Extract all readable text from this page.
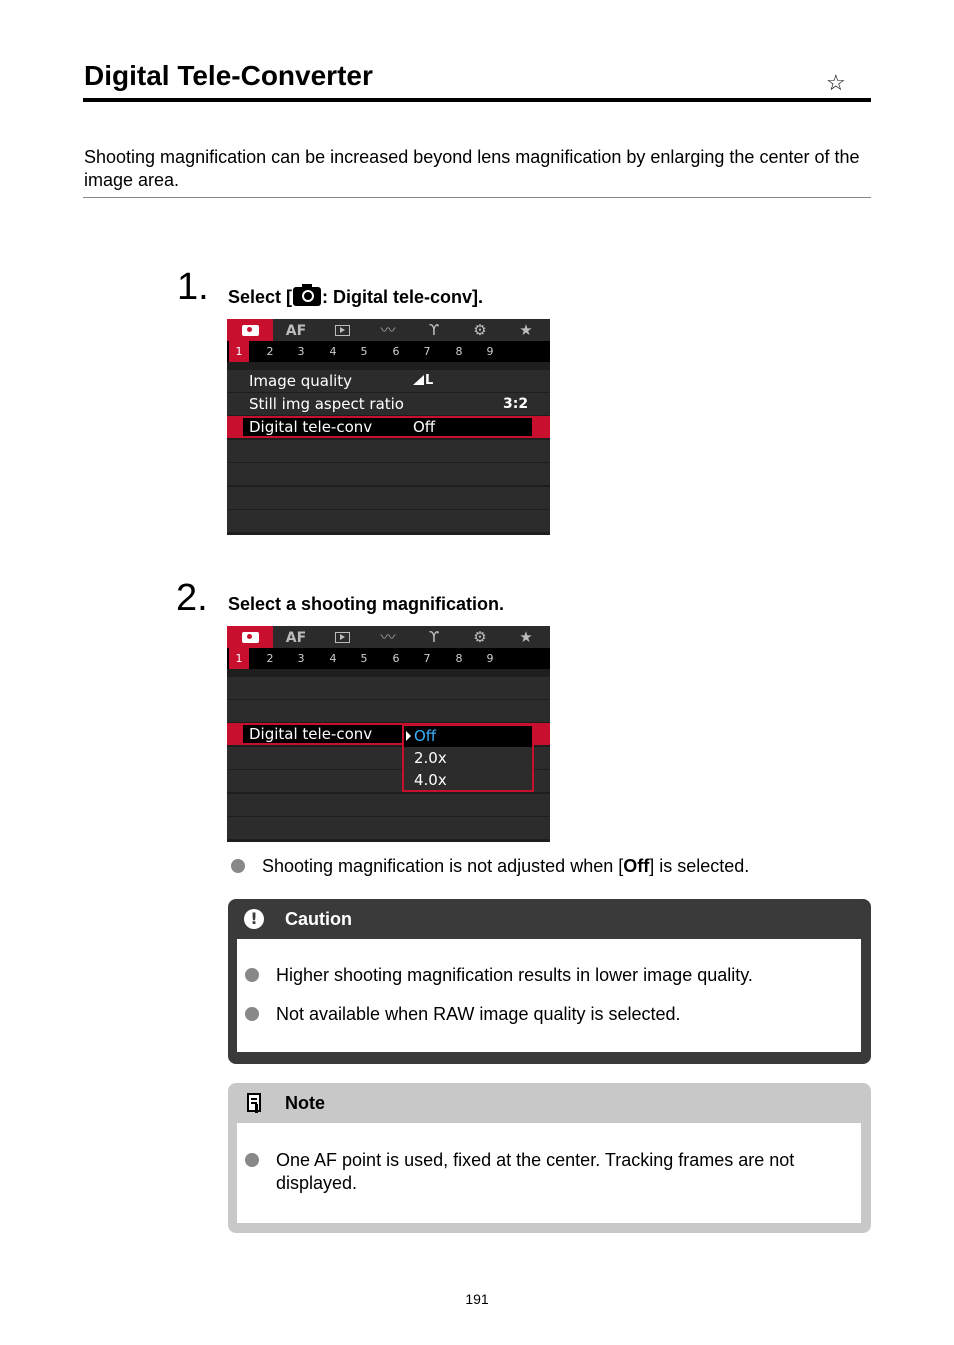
Digital Tele-Converter	☆

Shooting magnification can be increased beyond lens magnification by enlarging the center of the image area.

1. Select [ : Digital tele-conv].
AF	〰	ϒ	⚙	★
1	2	3	4	5	6	7	8	9
Image quality	L
Still img aspect ratio	3:2
Digital tele-conv	Off
2. Select a shooting magnification.
AF	〰	ϒ	⚙	★
1	2	3	4	5	6	7	8	9
Digital tele-conv	Off
2.0x
4.0x
Shooting magnification is not adjusted when [Off] is selected.
!
Caution
Higher shooting magnification results in lower image quality.
Not available when RAW image quality is selected.
Note
One AF point is used, fixed at the center. Tracking frames are not displayed.
191
